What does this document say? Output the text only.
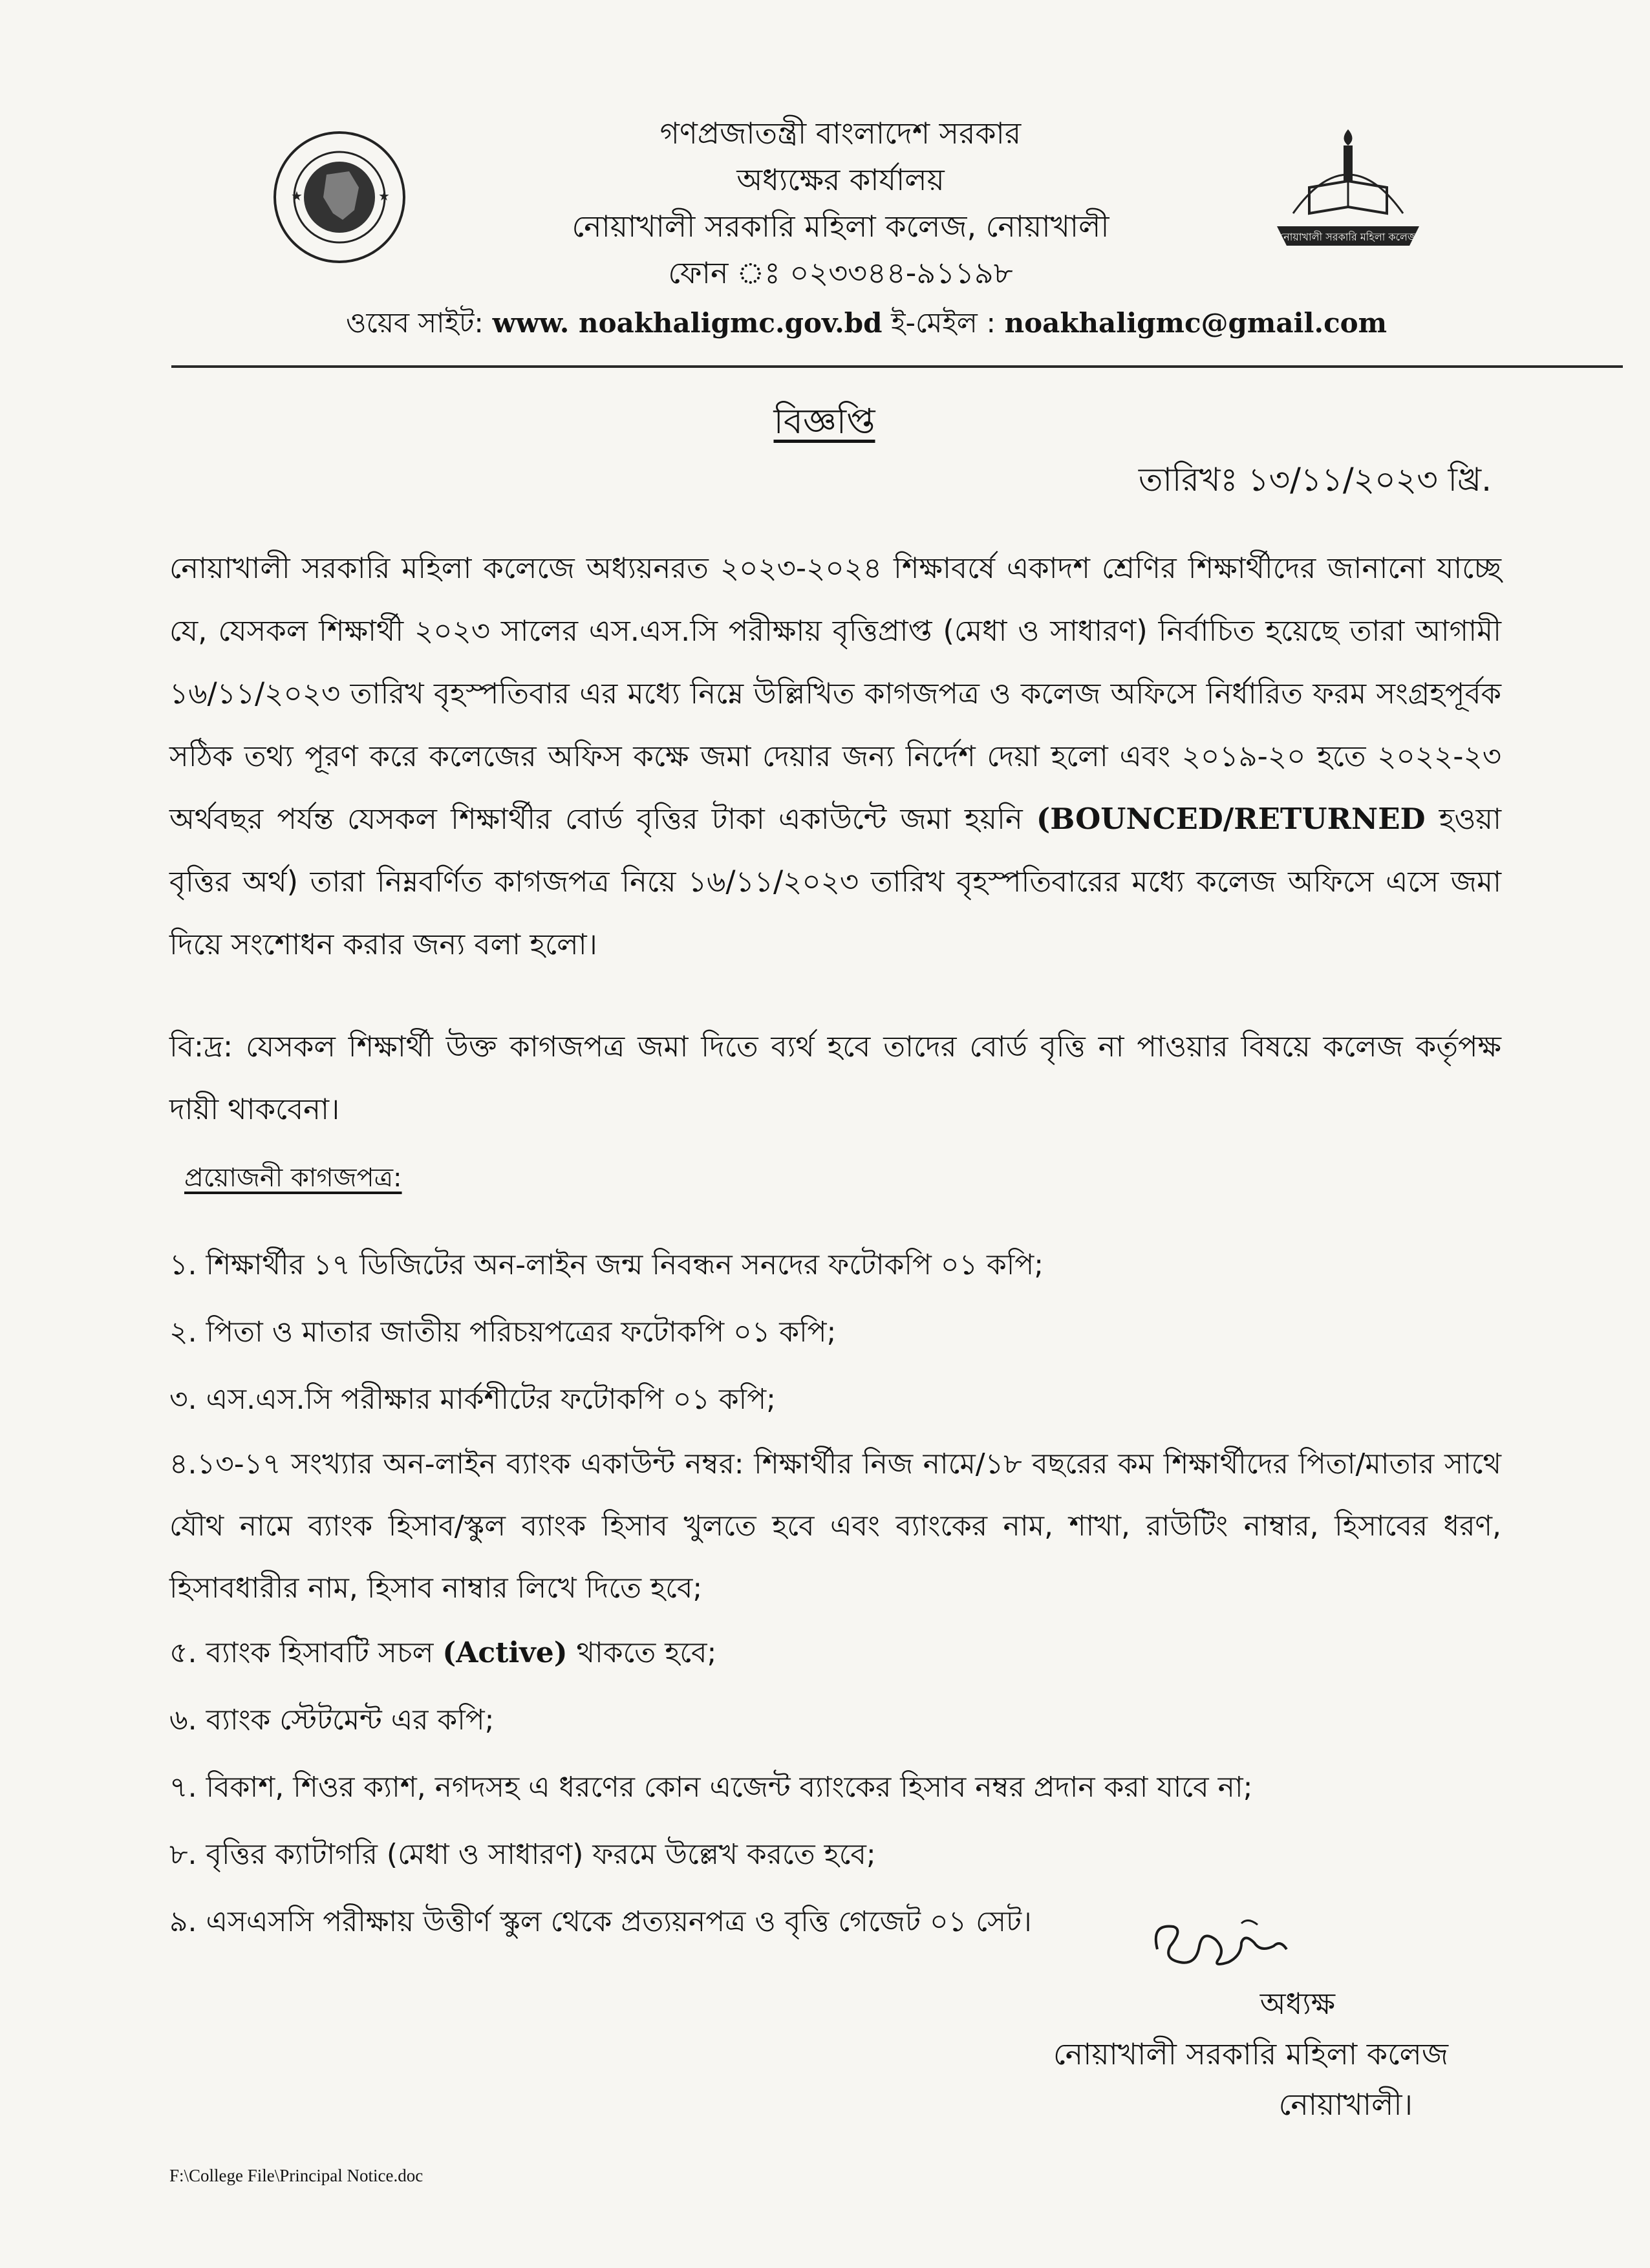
★	★
নোয়াখালী সরকারি মহিলা কলেজ
গণপ্রজাতন্ত্রী বাংলাদেশ সরকার
অধ্যক্ষের কার্যালয়
নোয়াখালী সরকারি মহিলা কলেজ, নোয়াখালী
ফোন ঃ ০২৩৩৪৪-৯১১৯৮
ওয়েব সাইট: www. noakhaligmc.gov.bd ই-মেইল : noakhaligmc@gmail.com
বিজ্ঞপ্তি
তারিখঃ ১৩/১১/২০২৩ খ্রি.
নোয়াখালী সরকারি মহিলা কলেজে অধ্যয়নরত ২০২৩-২০২৪ শিক্ষাবর্ষে একাদশ শ্রেণির শিক্ষার্থীদের জানানো যাচ্ছে যে, যেসকল শিক্ষার্থী ২০২৩ সালের এস.এস.সি পরীক্ষায় বৃত্তিপ্রাপ্ত (মেধা ও সাধারণ) নির্বাচিত হয়েছে তারা আগামী ১৬/১১/২০২৩ তারিখ বৃহস্পতিবার এর মধ্যে নিম্নে উল্লিখিত কাগজপত্র ও কলেজ অফিসে নির্ধারিত ফরম সংগ্রহপূর্বক সঠিক তথ্য পূরণ করে কলেজের অফিস কক্ষে জমা দেয়ার জন্য নির্দেশ দেয়া হলো এবং ২০১৯-২০ হতে ২০২২-২৩ অর্থবছর পর্যন্ত যেসকল শিক্ষার্থীর বোর্ড বৃত্তির টাকা একাউন্টে জমা হয়নি (BOUNCED/RETURNED হওয়া বৃত্তির অর্থ) তারা নিম্নবর্ণিত কাগজপত্র নিয়ে ১৬/১১/২০২৩ তারিখ বৃহস্পতিবারের মধ্যে কলেজ অফিসে এসে জমা দিয়ে সংশোধন করার জন্য বলা হলো।
বি:দ্র: যেসকল শিক্ষার্থী উক্ত কাগজপত্র জমা দিতে ব্যর্থ হবে তাদের বোর্ড বৃত্তি না পাওয়ার বিষয়ে কলেজ কর্তৃপক্ষ দায়ী থাকবেনা।
প্রয়োজনী কাগজপত্র:
১. শিক্ষার্থীর ১৭ ডিজিটের অন-লাইন জন্ম নিবন্ধন সনদের ফটোকপি ০১ কপি;
২. পিতা ও মাতার জাতীয় পরিচয়পত্রের ফটোকপি ০১ কপি;
৩. এস.এস.সি পরীক্ষার মার্কশীটের ফটোকপি ০১ কপি;
৪.১৩-১৭ সংখ্যার অন-লাইন ব্যাংক একাউন্ট নম্বর: শিক্ষার্থীর নিজ নামে/১৮ বছরের কম শিক্ষার্থীদের পিতা/মাতার সাথে যৌথ নামে ব্যাংক হিসাব/স্কুল ব্যাংক হিসাব খুলতে হবে এবং ব্যাংকের নাম, শাখা, রাউটিং নাম্বার, হিসাবের ধরণ, হিসাবধারীর নাম, হিসাব নাম্বার লিখে দিতে হবে;
৫. ব্যাংক হিসাবটি সচল (Active) থাকতে হবে;
৬. ব্যাংক স্টেটমেন্ট এর কপি;
৭. বিকাশ, শিওর ক্যাশ, নগদসহ এ ধরণের কোন এজেন্ট ব্যাংকের হিসাব নম্বর প্রদান করা যাবে না;
৮. বৃত্তির ক্যাটাগরি (মেধা ও সাধারণ) ফরমে উল্লেখ করতে হবে;
৯. এসএসসি পরীক্ষায় উত্তীর্ণ স্কুল থেকে প্রত্যয়নপত্র ও বৃত্তি গেজেট ০১ সেট।
অধ্যক্ষ
নোয়াখালী সরকারি মহিলা কলেজ
নোয়াখালী।
F:\College File\Principal Notice.doc
